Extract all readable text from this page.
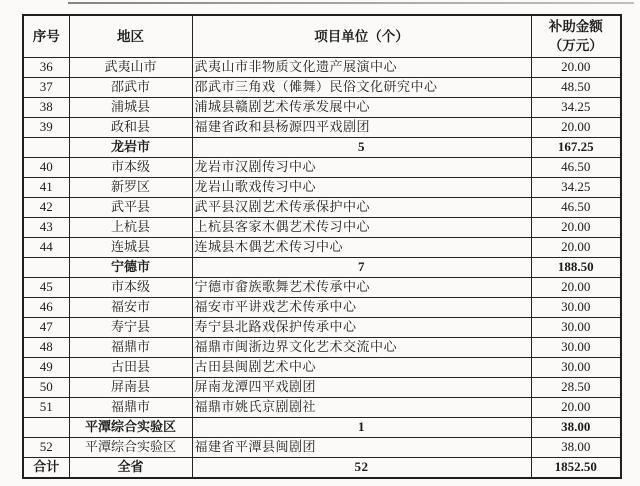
序号	地区	项目单位（个）	补助金额
（万元）

36	武夷山市	武夷山市非物质文化遗产展演中心	20.00
37	邵武市	邵武市三角戏（傩舞）民俗文化研究中心	48.50
38	浦城县	浦城县赣剧艺术传承发展中心	34.25
39	政和县	福建省政和县杨源四平戏剧团	20.00
	龙岩市	5	167.25
40	市本级	龙岩市汉剧传习中心	46.50
41	新罗区	龙岩山歌戏传习中心	34.25
42	武平县	武平县汉剧艺术传承保护中心	46.50
43	上杭县	上杭县客家木偶艺术传习中心	20.00
44	连城县	连城县木偶艺术传习中心	20.00
	宁德市	7	188.50
45	市本级	宁德市畲族歌舞艺术传承中心	20.00
46	福安市	福安市平讲戏艺术传承中心	30.00
47	寿宁县	寿宁县北路戏保护传承中心	30.00
48	福鼎市	福鼎市闽浙边界文化艺术交流中心	30.00
49	古田县	古田县闽剧艺术中心	30.00
50	屏南县	屏南龙潭四平戏剧团	28.50
51	福鼎市	福鼎市姚氏京剧剧社	20.00
	平潭综合实验区	1	38.00
52	平潭综合实验区	福建省平潭县闽剧团	38.00
合计	全省	52	1852.50
